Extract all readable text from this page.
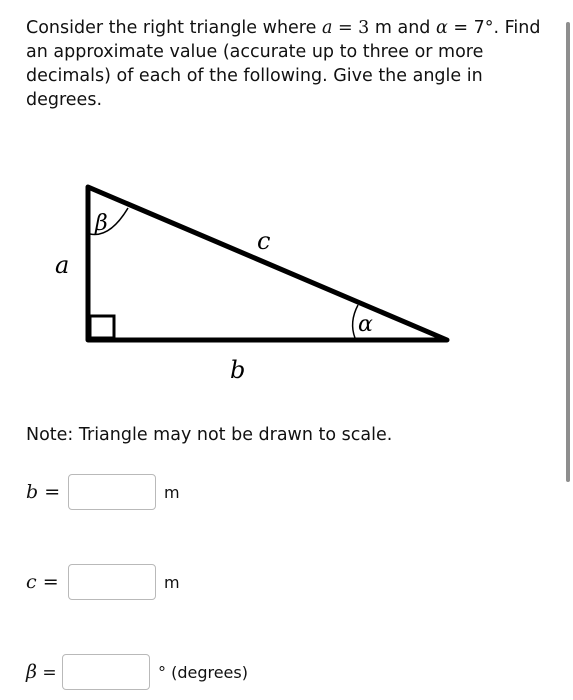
Consider the right triangle where a = 3 m and α = 7°. Find an approximate value (accurate up to three or more decimals) of each of the following. Give the angle in degrees.
a
b
c
α
β
Note: Triangle may not be drawn to scale.
b =	m
c =	m
β =	° (degrees)
